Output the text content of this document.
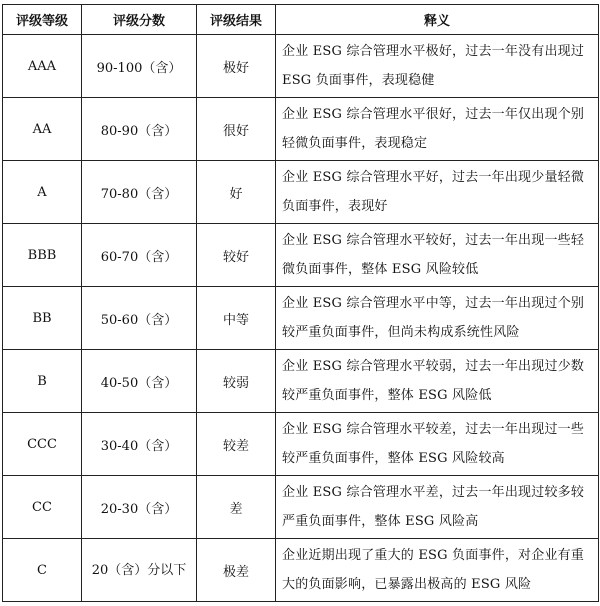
评级等级	评级分数	评级结果	释义
AAA	90-100（含）	极好	企业 ESG 综合管理水平极好，过去一年没有出现过 ESG 负面事件，表现稳健
AA	80-90（含）	很好	企业 ESG 综合管理水平很好，过去一年仅出现个别轻微负面事件，表现稳定
A	70-80（含）	好	企业 ESG 综合管理水平好，过去一年出现少量轻微负面事件，表现好
BBB	60-70（含）	较好	企业 ESG 综合管理水平较好，过去一年出现一些轻微负面事件，整体 ESG 风险较低
BB	50-60（含）	中等	企业 ESG 综合管理水平中等，过去一年出现过个别较严重负面事件，但尚未构成系统性风险
B	40-50（含）	较弱	企业 ESG 综合管理水平较弱，过去一年出现过少数较严重负面事件，整体 ESG 风险低
CCC	30-40（含）	较差	企业 ESG 综合管理水平较差，过去一年出现过一些较严重负面事件，整体 ESG 风险较高
CC	20-30（含）	差	企业 ESG 综合管理水平差，过去一年出现过较多较严重负面事件，整体 ESG 风险高
C	20（含）分以下	极差	企业近期出现了重大的 ESG 负面事件，对企业有重大的负面影响，已暴露出极高的 ESG 风险
